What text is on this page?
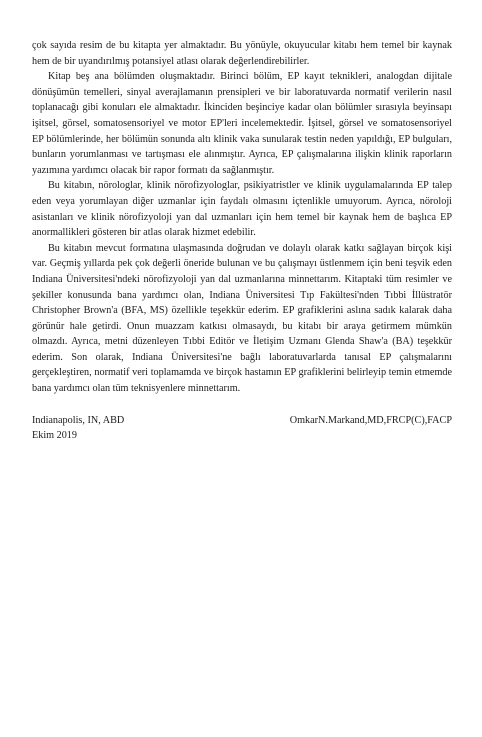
çok sayıda resim de bu kitapta yer almaktadır. Bu yönüyle, okuyucular kitabı hem temel bir kaynak hem de bir uyandırılmış potansiyel atlası olarak değerlendirebilirler.

Kitap beş ana bölümden oluşmaktadır. Birinci bölüm, EP kayıt teknikleri, analogdan dijitale dönüşümün temelleri, sinyal averajlamanın prensipleri ve bir laboratuvarda normatif verilerin nasıl toplanacağı gibi konuları ele almaktadır. İkinciden beşinciye kadar olan bölümler sırasıyla beyinsapı işitsel, görsel, somatosensoriyel ve motor EP'leri incelemektedir. İşitsel, görsel ve somatosensoriyel EP bölümlerinde, her bölümün sonunda altı klinik vaka sunularak testin neden yapıldığı, EP bulguları, bunların yorumlanması ve tartışması ele alınmıştır. Ayrıca, EP çalışmalarına ilişkin klinik raporların yazımına yardımcı olacak bir rapor formatı da sağlanmıştır.

Bu kitabın, nörologlar, klinik nörofizyologlar, psikiyatristler ve klinik uygulamalarında EP talep eden veya yorumlayan diğer uzmanlar için faydalı olmasını içtenlikle umuyorum. Ayrıca, nöroloji asistanları ve klinik nörofizyoloji yan dal uzmanları için hem temel bir kaynak hem de başlıca EP anormallikleri gösteren bir atlas olarak hizmet edebilir.

Bu kitabın mevcut formatına ulaşmasında doğrudan ve dolaylı olarak katkı sağlayan birçok kişi var. Geçmiş yıllarda pek çok değerli öneride bulunan ve bu çalışmayı üstlenmem için beni teşvik eden Indiana Üniversitesi'ndeki nörofizyoloji yan dal uzmanlarına minnettarım. Kitaptaki tüm resimler ve şekiller konusunda bana yardımcı olan, Indiana Üniversitesi Tıp Fakültesi'nden Tıbbi İllüstratör Christopher Brown'a (BFA, MS) özellikle teşekkür ederim. EP grafiklerini aslına sadık kalarak daha görünür hale getirdi. Onun muazzam katkısı olmasaydı, bu kitabı bir araya getirmem mümkün olmazdı. Ayrıca, metni düzenleyen Tıbbi Editör ve İletişim Uzmanı Glenda Shaw'a (BA) teşekkür ederim. Son olarak, Indiana Üniversitesi'ne bağlı laboratuvarlarda tanısal EP çalışmalarını gerçekleştiren, normatif veri toplamamda ve birçok hastamın EP grafiklerini belirleyip temin etmemde bana yardımcı olan tüm teknisyenlere minnettarım.

Indianapolis, IN, ABD
Ekim 2019
OmkarN.Markand,MD,FRCP(C),FACP
